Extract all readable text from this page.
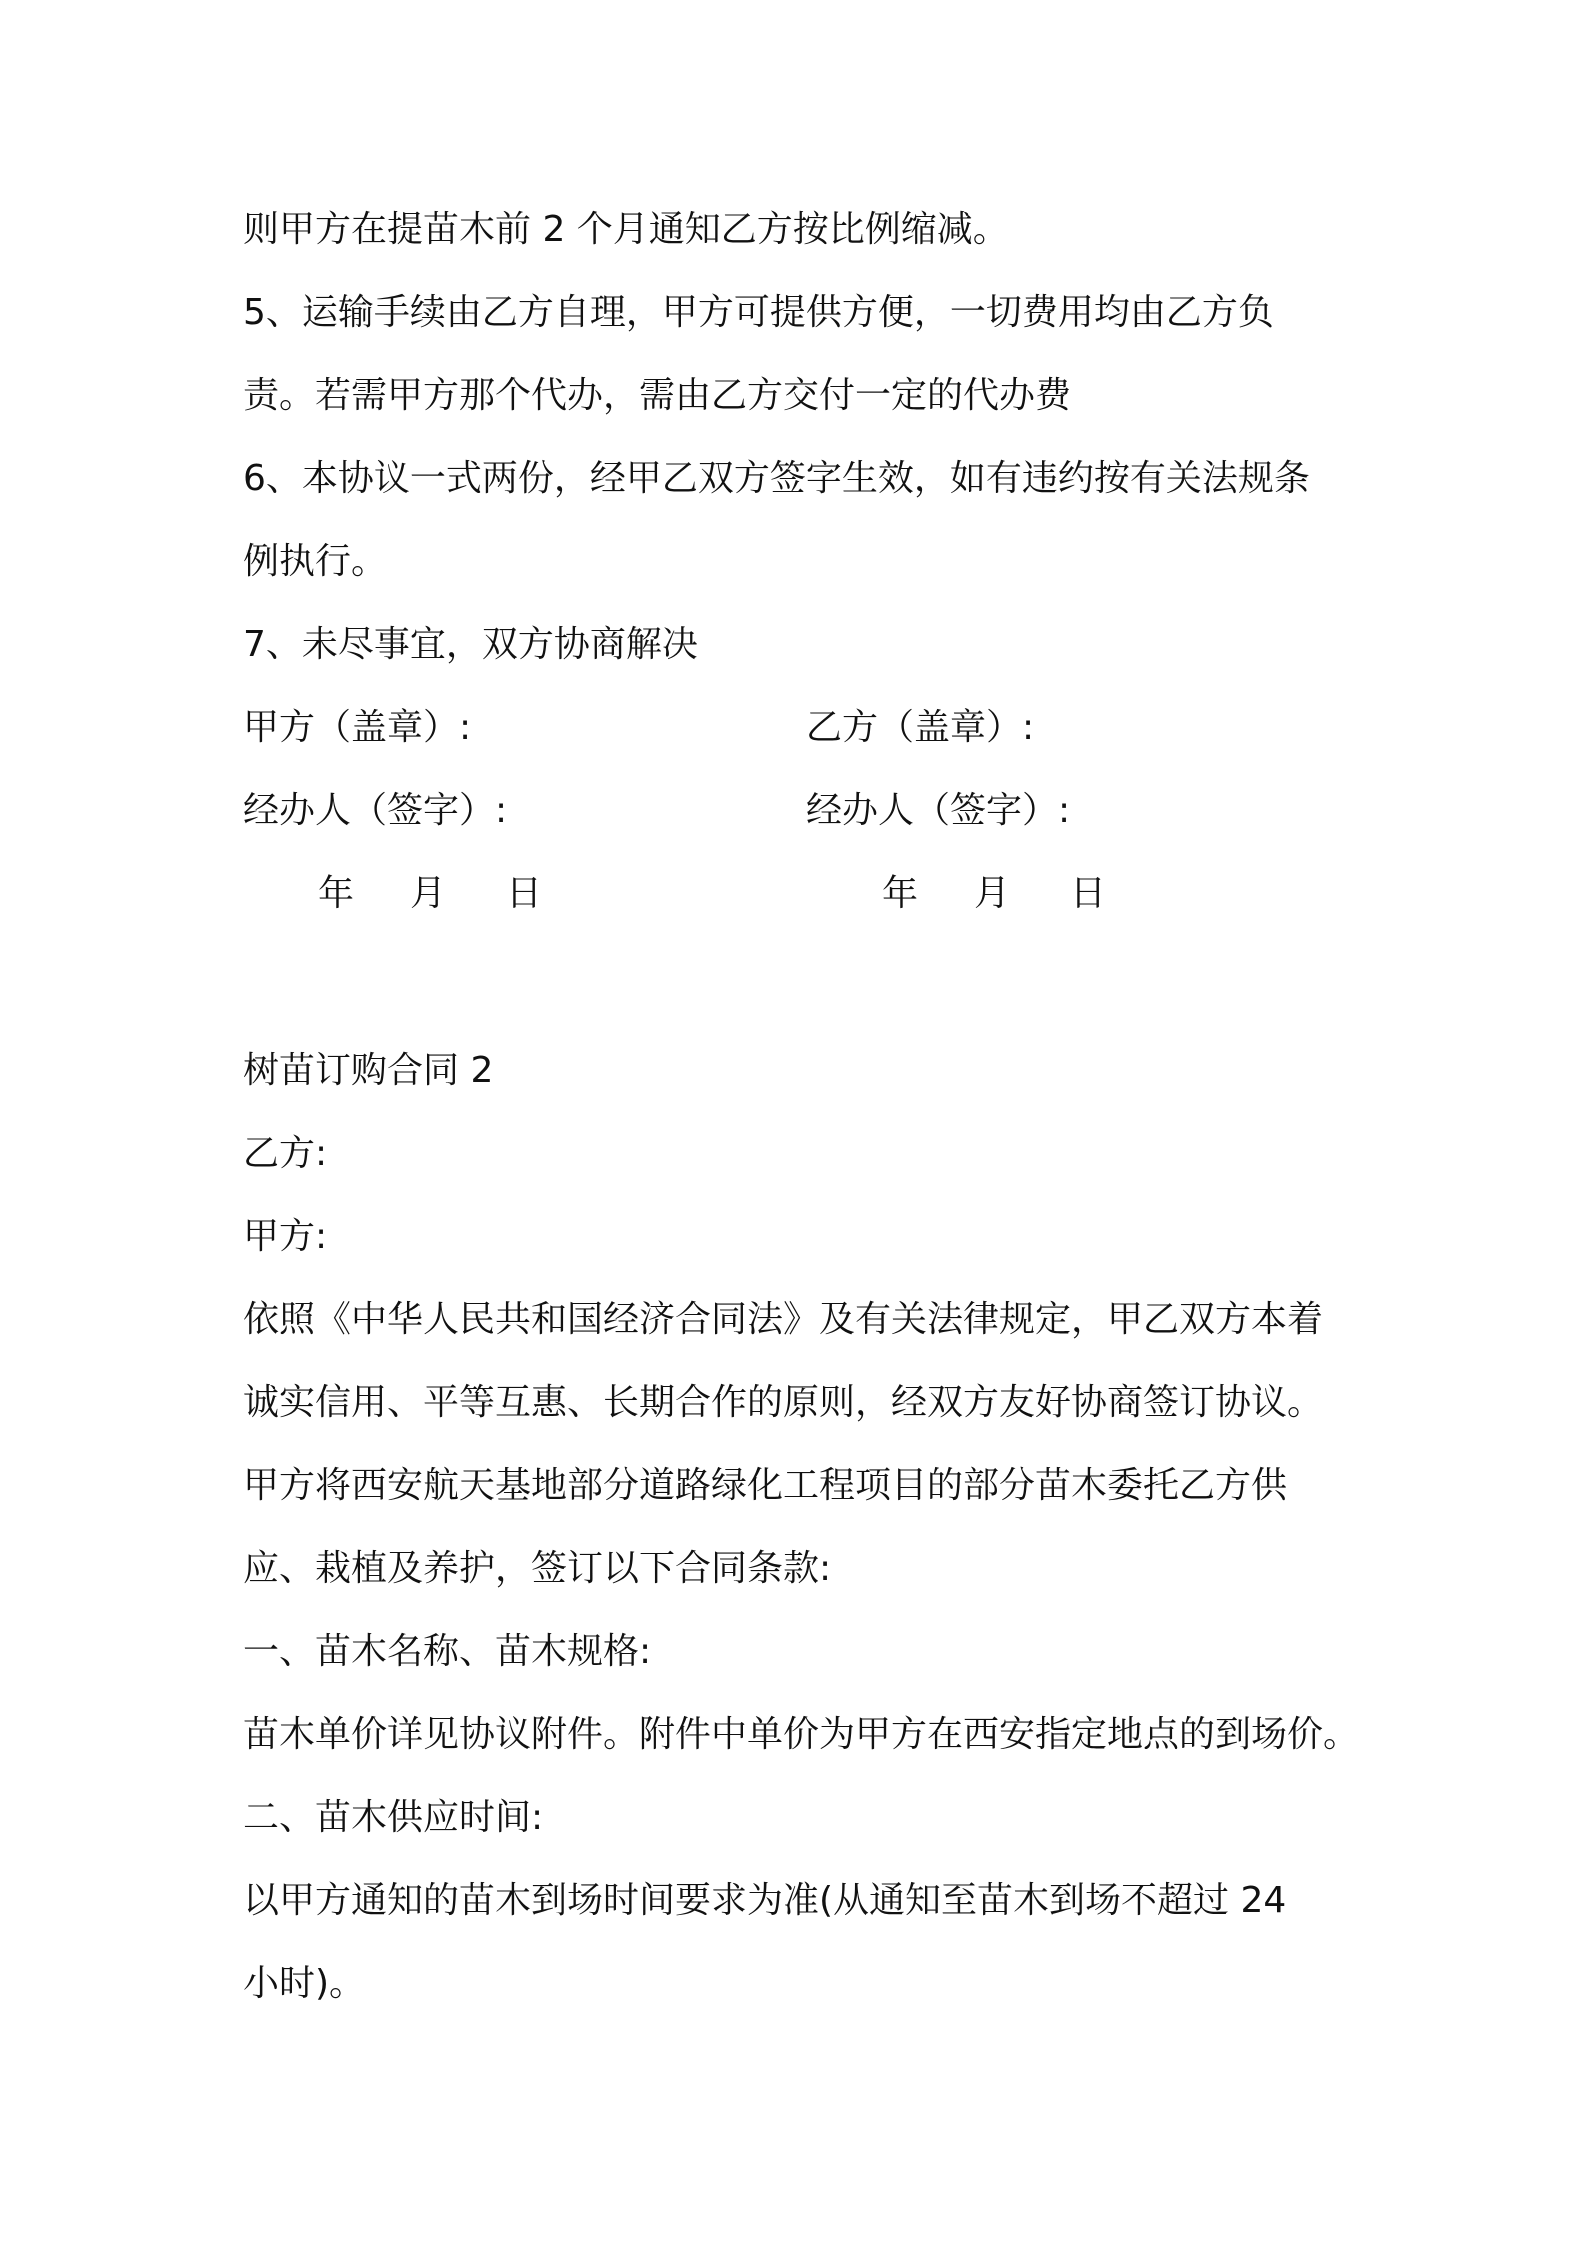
则甲方在提苗木前 2 个月通知乙方按比例缩减。
5、运输手续由乙方自理，甲方可提供方便，一切费用均由乙方负
责。若需甲方那个代办，需由乙方交付一定的代办费
6、本协议一式两份，经甲乙双方签字生效，如有违约按有关法规条
例执行。
7、未尽事宜，双方协商解决
甲方（盖章）:	乙方（盖章）:
经办人（签字）:	经办人（签字）:
年 月 日	年 月 日
树苗订购合同 2
乙方:
甲方:
依照《中华人民共和国经济合同法》及有关法律规定，甲乙双方本着
诚实信用、平等互惠、长期合作的原则，经双方友好协商签订协议。
甲方将西安航天基地部分道路绿化工程项目的部分苗木委托乙方供
应、栽植及养护，签订以下合同条款:
一、苗木名称、苗木规格:
苗木单价详见协议附件。附件中单价为甲方在西安指定地点的到场价。
二、苗木供应时间:
以甲方通知的苗木到场时间要求为准(从通知至苗木到场不超过 24
小时)。
